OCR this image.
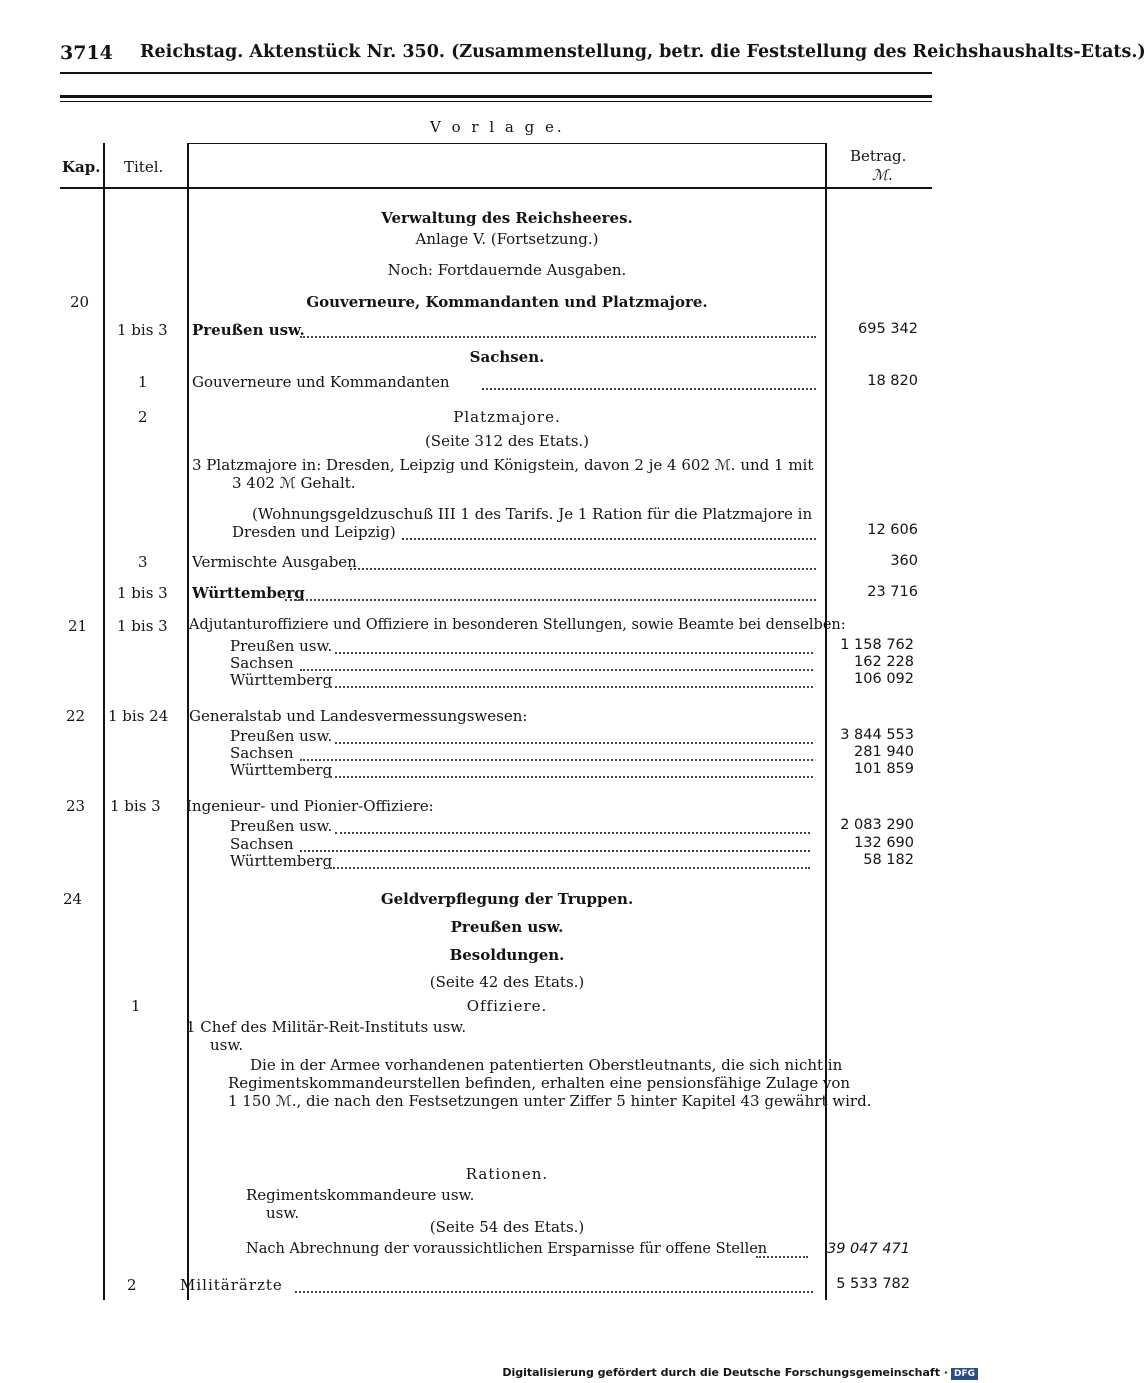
3714 Reichstag. Aktenstück Nr. 350. (Zusammenstellung, betr. die Feststellung des Reichshaushalts-Etats.)
V o r l a g e.
Kap. Titel.
Betrag.
ℳ.
Verwaltung des Reichsheeres.
Anlage V. (Fortsetzung.)
Noch: Fortdauernde Ausgaben.
20	Gouverneure, Kommandanten und Platzmajore.
1 bis 3 Preußen usw.	695 342
Sachsen.
1	Gouverneure und Kommandanten	18 820
2	Platzmajore.
(Seite 312 des Etats.)
3 Platzmajore in: Dresden, Leipzig und Königstein, davon 2 je 4 602 ℳ. und 1 mit
3 402 ℳ Gehalt.
(Wohnungsgeldzuschuß III 1 des Tarifs. Je 1 Ration für die Platzmajore in
Dresden und Leipzig)	12 606
3	Vermischte Ausgaben	360
1 bis 3 Württemberg	23 716
21 1 bis 3 Adjutanturoffiziere und Offiziere in besonderen Stellungen, sowie Beamte bei denselben:
Preußen usw.	1 158 762
Sachsen	162 228
Württemberg	106 092
22 1 bis 24 Generalstab und Landesvermessungswesen:
Preußen usw.	3 844 553
Sachsen	281 940
Württemberg	101 859
23 1 bis 3 Ingenieur- und Pionier-Offiziere:
Preußen usw.	2 083 290
Sachsen	132 690
Württemberg	58 182
24	Geldverpflegung der Truppen.
Preußen usw.
Besoldungen.
(Seite 42 des Etats.)
1	Offiziere.
1 Chef des Militär-Reit-Instituts usw.
usw.
Die in der Armee vorhandenen patentierten Oberstleutnants, die sich nicht in
Regimentskommandeurstellen befinden, erhalten eine pensionsfähige Zulage von
1 150 ℳ., die nach den Festsetzungen unter Ziffer 5 hinter Kapitel 43 gewährt wird.
Rationen.
Regimentskommandeure usw.
usw.
(Seite 54 des Etats.)
Nach Abrechnung der voraussichtlichen Ersparnisse für offene Stellen	39 047 471
2	Militärärzte	5 533 782
Digitalisierung gefördert durch die Deutsche Forschungsgemeinschaft · DFG
